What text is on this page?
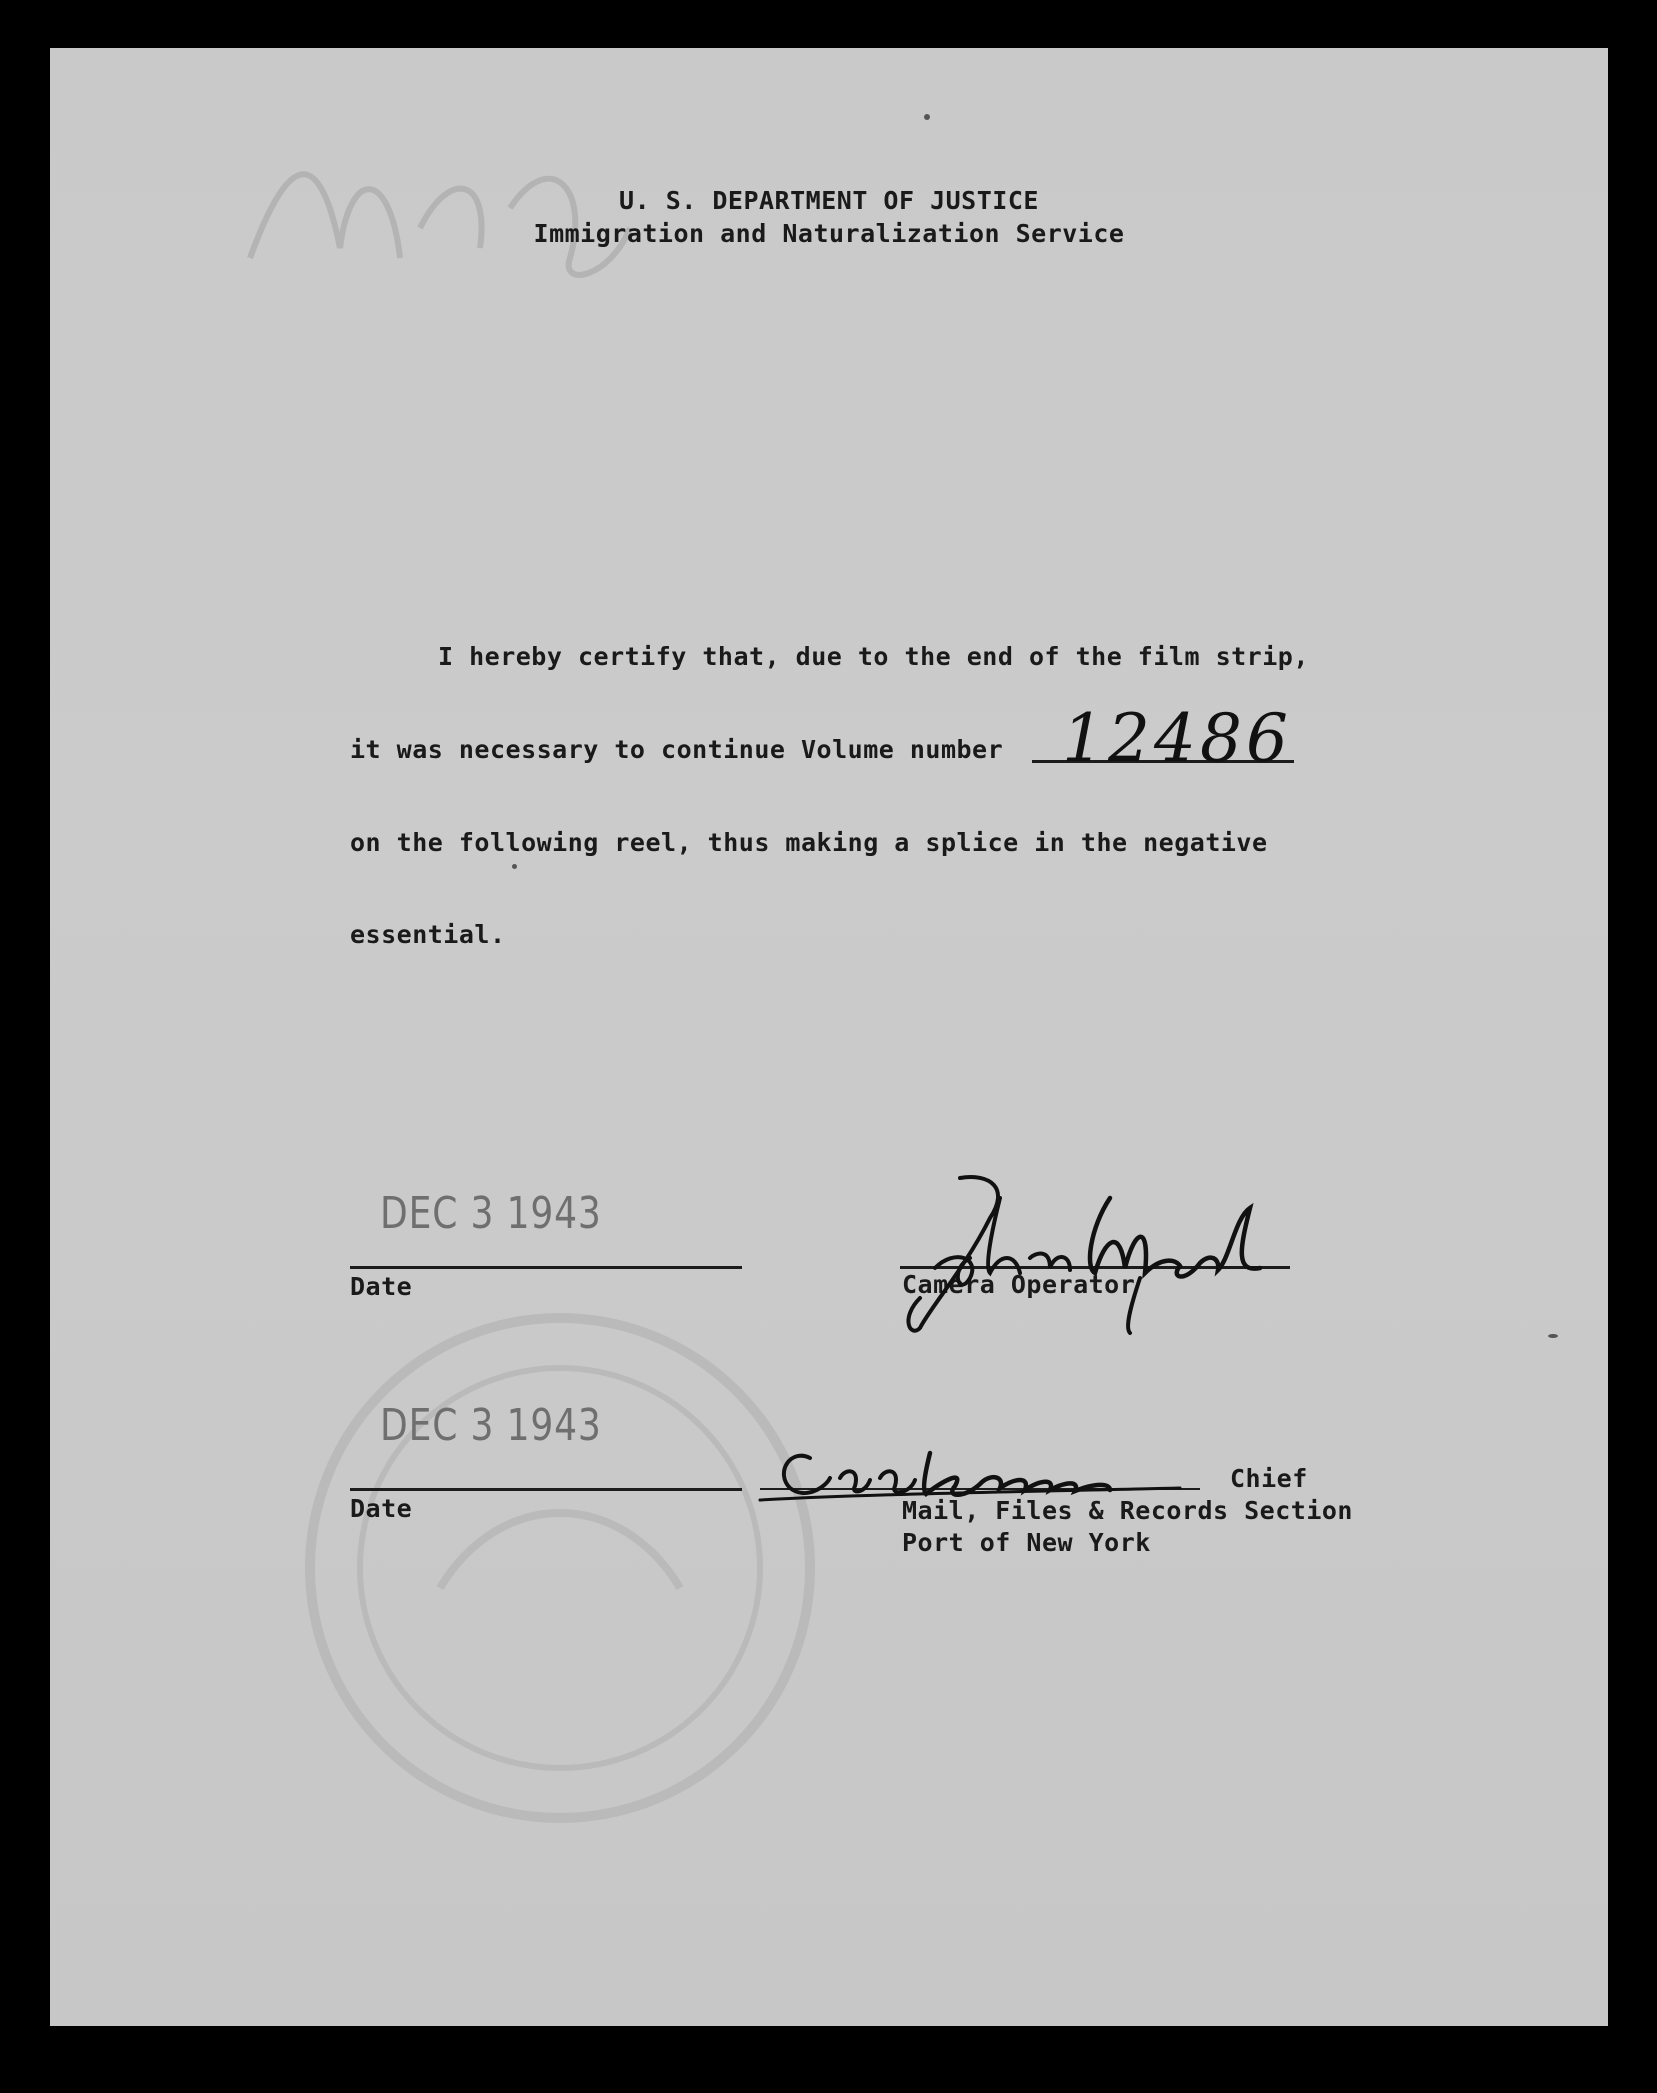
U. S. DEPARTMENT OF JUSTICE
Immigration and Naturalization Service
I hereby certify that, due to the end of the film strip,
it was necessary to continue Volume number 12486
on the following reel, thus making a splice in the negative
essential.
DEC 3 1943
Date	Camera Operator
DEC 3 1943
Date
Chief
Mail, Files & Records Section
Port of New York
